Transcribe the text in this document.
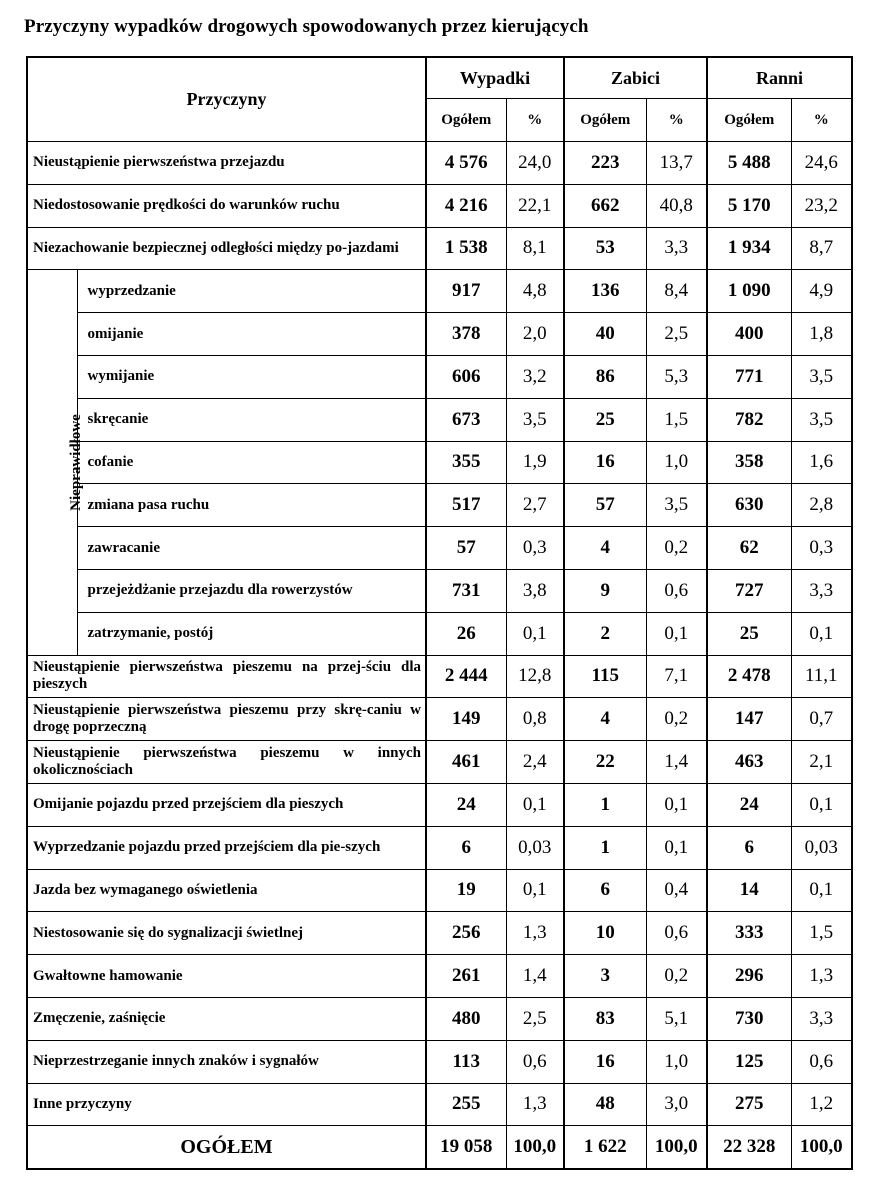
Przyczyny wypadków drogowych spowodowanych przez kierujących
Przyczyny		Wypadki		Zabici		Ranni	
		Ogółem	%	Ogółem	%	Ogółem	%
Nieustąpienie pierwszeństwa przejazdu		4 576	24,0	223	13,7	5 488	24,6
Niedostosowanie prędkości do warunków ruchu		4 216	22,1	662	40,8	5 170	23,2
Niezachowanie bezpiecznej odległości między po-jazdami		1 538	8,1	53	3,3	1 934	8,7
Nieprawidłowe	wyprzedzanie	917	4,8	136	8,4	1 090	4,9
	omijanie	378	2,0	40	2,5	400	1,8
	wymijanie	606	3,2	86	5,3	771	3,5
	skręcanie	673	3,5	25	1,5	782	3,5
	cofanie	355	1,9	16	1,0	358	1,6
	zmiana pasa ruchu	517	2,7	57	3,5	630	2,8
	zawracanie	57	0,3	4	0,2	62	0,3
	przejeżdżanie przejazdu dla rowerzystów	731	3,8	9	0,6	727	3,3
	zatrzymanie, postój	26	0,1	2	0,1	25	0,1
Nieustąpienie pierwszeństwa pieszemu na przej-ściu dla pieszych		2 444	12,8	115	7,1	2 478	11,1
Nieustąpienie pierwszeństwa pieszemu przy skrę-caniu w drogę poprzeczną		149	0,8	4	0,2	147	0,7
Nieustąpienie pierwszeństwa pieszemu w innych okolicznościach		461	2,4	22	1,4	463	2,1
Omijanie pojazdu przed przejściem dla pieszych		24	0,1	1	0,1	24	0,1
Wyprzedzanie pojazdu przed przejściem dla pie-szych		6	0,03	1	0,1	6	0,03
Jazda bez wymaganego oświetlenia		19	0,1	6	0,4	14	0,1
Niestosowanie się do sygnalizacji świetlnej		256	1,3	10	0,6	333	1,5
Gwałtowne hamowanie		261	1,4	3	0,2	296	1,3
Zmęczenie, zaśnięcie		480	2,5	83	5,1	730	3,3
Nieprzestrzeganie innych znaków i sygnałów		113	0,6	16	1,0	125	0,6
Inne przyczyny		255	1,3	48	3,0	275	1,2
OGÓŁEM		19 058	100,0	1 622	100,0	22 328	100,0
